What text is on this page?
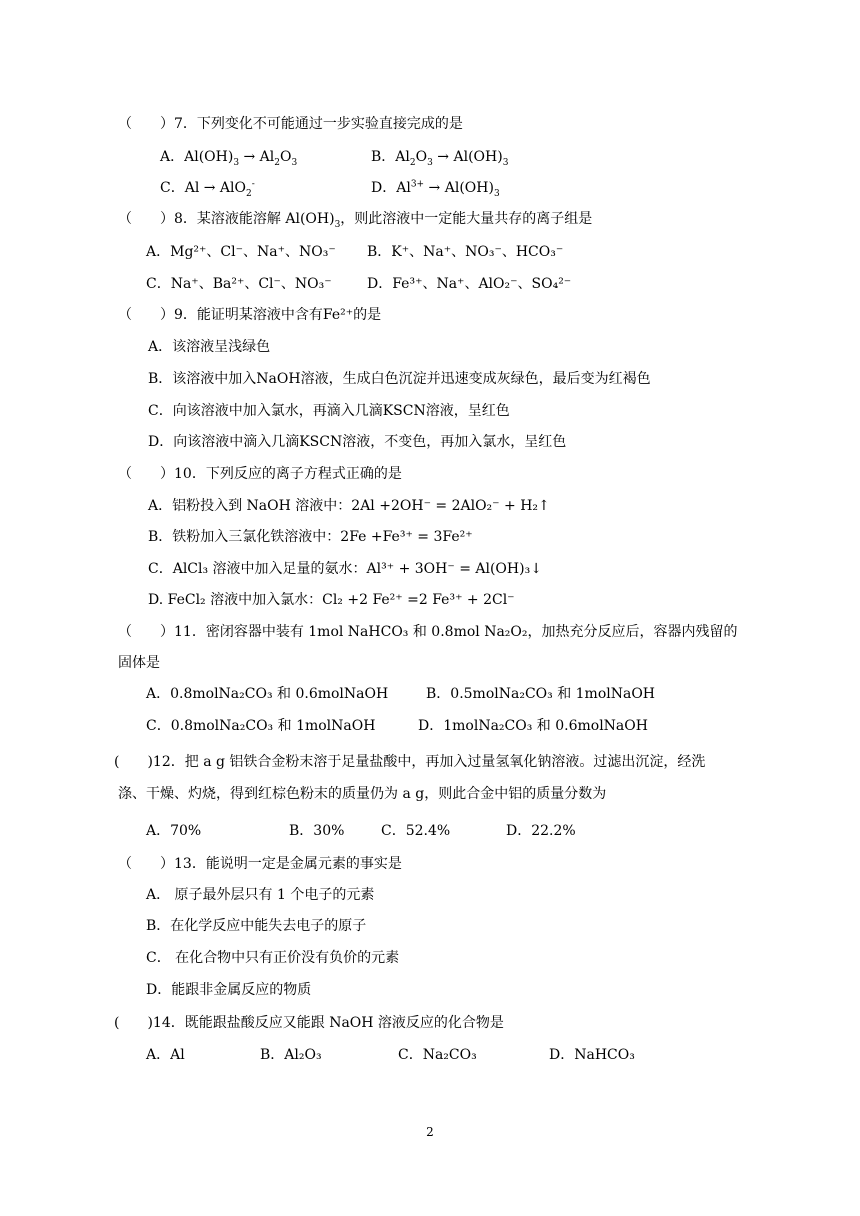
（　　）7．下列变化不可能通过一步实验直接完成的是
A．$Al(OH)_3 \to Al_2O_3$	B．$Al_2O_3 \to Al(OH)_3$
C．Al → AlO$_2$-	D．$Al^{3+} \to Al(OH)_3$
（　　）8．某溶液能溶解 $Al(OH)_3$，则此溶液中一定能大量共存的离子组是
A．Mg²⁺、Cl⁻、Na⁺、NO₃⁻ B．K⁺、Na⁺、NO₃⁻、HCO₃⁻
C．Na⁺、Ba²⁺、Cl⁻、NO₃⁻	D．Fe³⁺、Na⁺、AlO₂⁻、SO₄²⁻
（　　）9．能证明某溶液中含有Fe²⁺的是
A．该溶液呈浅绿色
B．该溶液中加入NaOH溶液，生成白色沉淀并迅速变成灰绿色，最后变为红褐色
C．向该溶液中加入氯水，再滴入几滴KSCN溶液，呈红色
D．向该溶液中滴入几滴KSCN溶液，不变色，再加入氯水，呈红色
（　　）10．下列反应的离子方程式正确的是
A．铝粉投入到 NaOH 溶液中：2Al +2OH⁻ = 2AlO₂⁻ + H₂↑
B．铁粉加入三氯化铁溶液中：2Fe +Fe³⁺ = 3Fe²⁺
C．AlCl₃ 溶液中加入足量的氨水：Al³⁺ + 3OH⁻ = Al(OH)₃↓
D. FeCl₂ 溶液中加入氯水：Cl₂ +2 Fe²⁺ =2 Fe³⁺ + 2Cl⁻
（　　）11．密闭容器中装有 1mol NaHCO₃ 和 0.8mol Na₂O₂，加热充分反应后，容器内残留的
固体是
A．0.8molNa₂CO₃ 和 0.6molNaOH	B．0.5molNa₂CO₃ 和 1molNaOH
C．0.8molNa₂CO₃ 和 1molNaOH	D．1molNa₂CO₃ 和 0.6molNaOH
(　　)12．把 a g 铝铁合金粉末溶于足量盐酸中，再加入过量氢氧化钠溶液。过滤出沉淀，经洗
涤、干燥、灼烧，得到红棕色粉末的质量仍为 a g，则此合金中铝的质量分数为
A．70%	B．30%	C．52.4%	D．22.2%
（　　）13．能说明一定是金属元素的事实是
A． 原子最外层只有 1 个电子的元素
B．在化学反应中能失去电子的原子
C． 在化合物中只有正价没有负价的元素
D．能跟非金属反应的物质
(　　)14．既能跟盐酸反应又能跟 NaOH 溶液反应的化合物是
A．Al	B．Al₂O₃	C．Na₂CO₃	D．NaHCO₃
2
